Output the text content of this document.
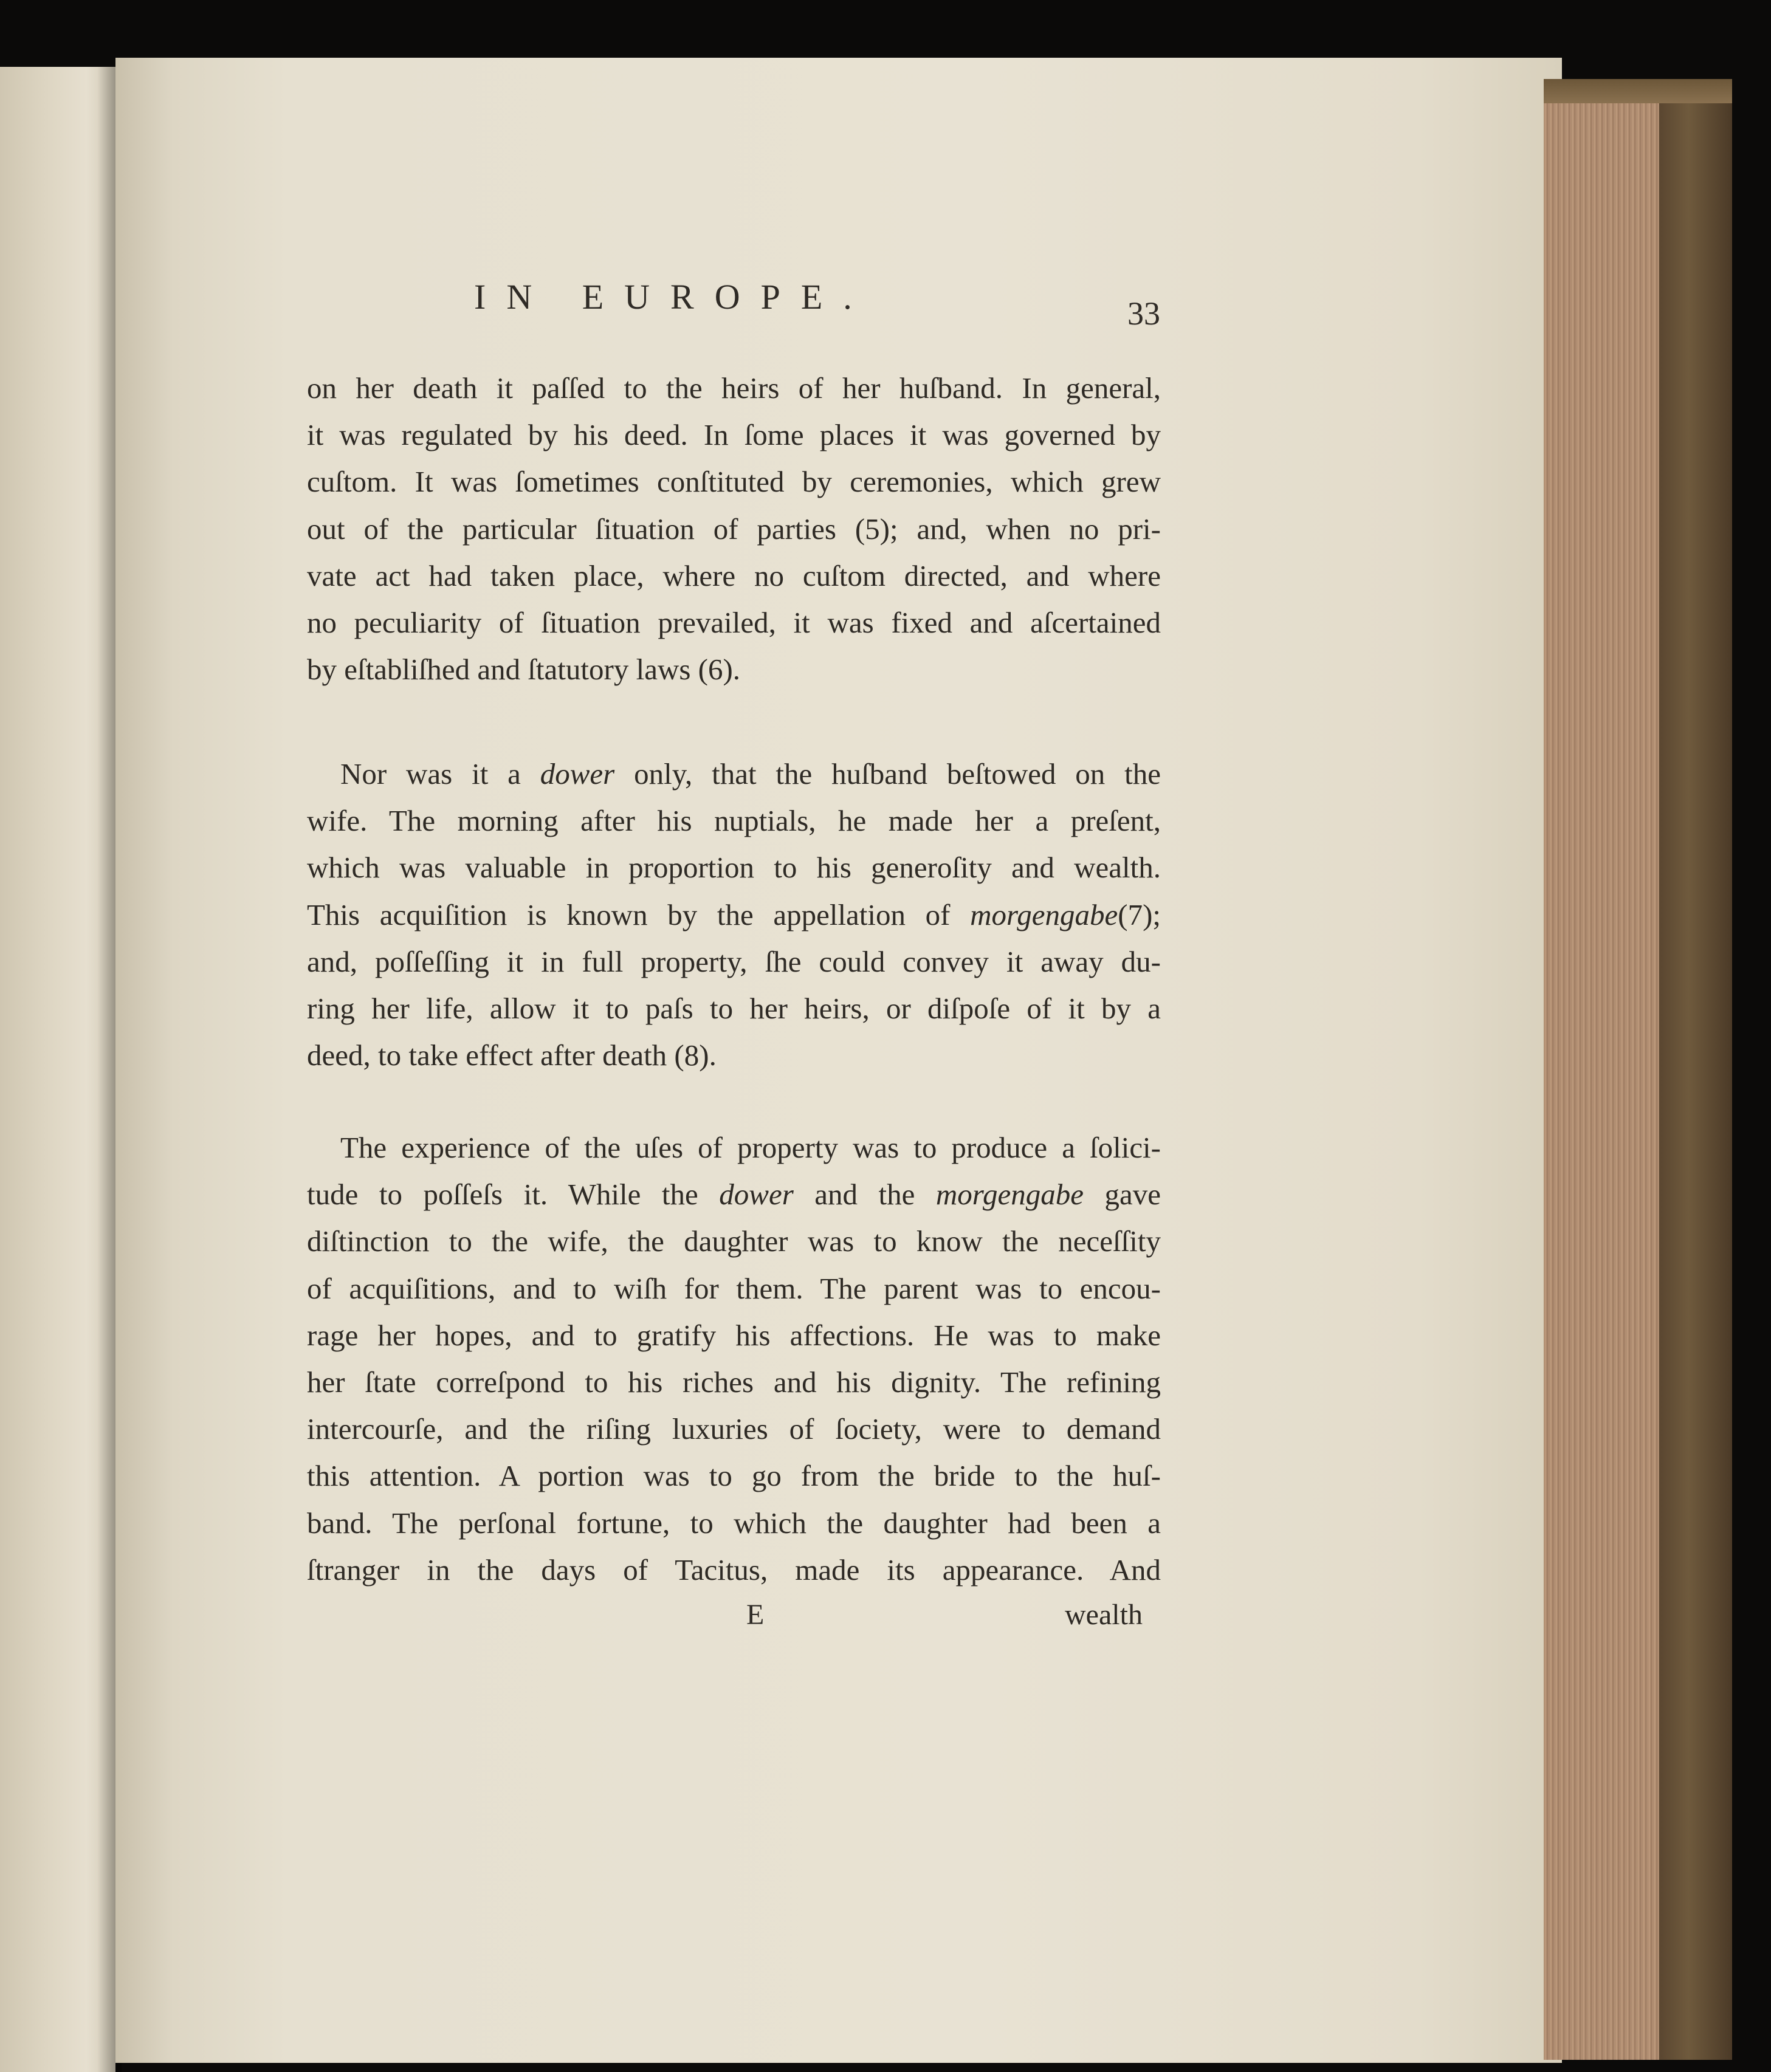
IN EUROPE.	33
on her death it paſſed to the heirs of her huſband. In general,
it was regulated by his deed. In ſome places it was governed by
cuſtom. It was ſometimes conſtituted by ceremonies, which grew
out of the particular ſituation of parties (5); and, when no pri-
vate act had taken place, where no cuſtom directed, and where
no peculiarity of ſituation prevailed, it was fixed and aſcertained
by eſtabliſhed and ſtatutory laws (6).
Nor was it a dower only, that the huſband beſtowed on the
wife. The morning after his nuptials, he made her a preſent,
which was valuable in proportion to his generoſity and wealth.
This acquiſition is known by the appellation of morgengabe(7);
and, poſſeſſing it in full property, ſhe could convey it away du-
ring her life, allow it to paſs to her heirs, or diſpoſe of it by a
deed, to take effect after death (8).
The experience of the uſes of property was to produce a ſolici-
tude to poſſeſs it. While the dower and the morgengabe gave
diſtinction to the wife, the daughter was to know the neceſſity
of acquiſitions, and to wiſh for them. The parent was to encou-
rage her hopes, and to gratify his affections. He was to make
her ſtate correſpond to his riches and his dignity. The refining
intercourſe, and the riſing luxuries of ſociety, were to demand
this attention. A portion was to go from the bride to the huſ-
band. The perſonal fortune, to which the daughter had been a
ſtranger in the days of Tacitus, made its appearance. And
E	wealth
